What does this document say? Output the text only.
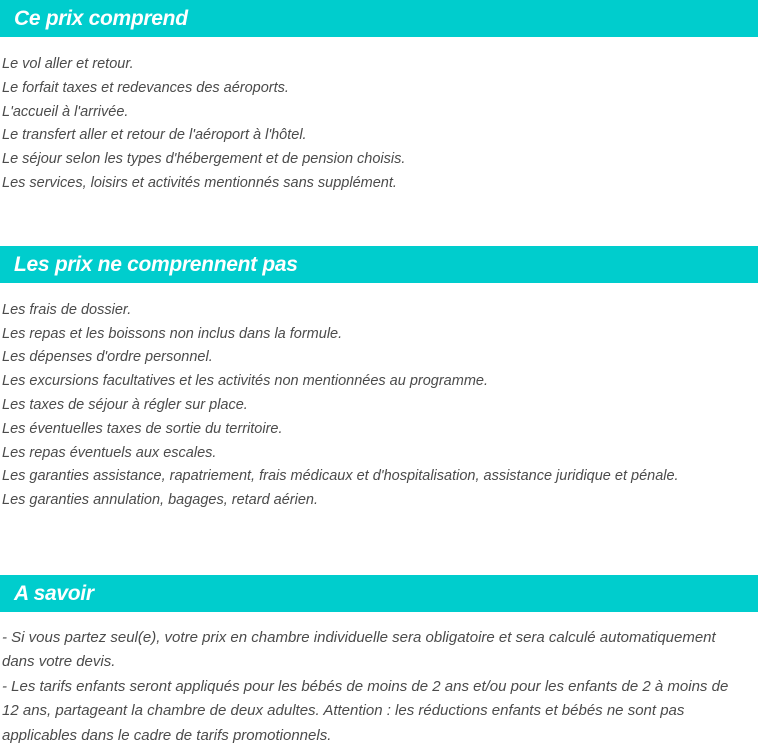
Ce prix comprend
Le vol aller et retour.
Le forfait taxes et redevances des aéroports.
L'accueil à l'arrivée.
Le transfert aller et retour de l'aéroport à l'hôtel.
Le séjour selon les types d'hébergement et de pension choisis.
Les services, loisirs et activités mentionnés sans supplément.
Les prix ne comprennent pas
Les frais de dossier.
Les repas et les boissons non inclus dans la formule.
Les dépenses d'ordre personnel.
Les excursions facultatives et les activités non mentionnées au programme.
Les taxes de séjour à régler sur place.
Les éventuelles taxes de sortie du territoire.
Les repas éventuels aux escales.
Les garanties assistance, rapatriement, frais médicaux et d'hospitalisation, assistance juridique et pénale.
Les garanties annulation, bagages, retard aérien.
A savoir

- Si vous partez seul(e), votre prix en chambre individuelle sera obligatoire et sera calculé automatiquement dans votre devis.

- Les tarifs enfants seront appliqués pour les bébés de moins de 2 ans et/ou pour les enfants de 2 à moins de 12 ans, partageant la chambre de deux adultes. Attention : les réductions enfants et bébés ne sont pas applicables dans le cadre de tarifs promotionnels.
